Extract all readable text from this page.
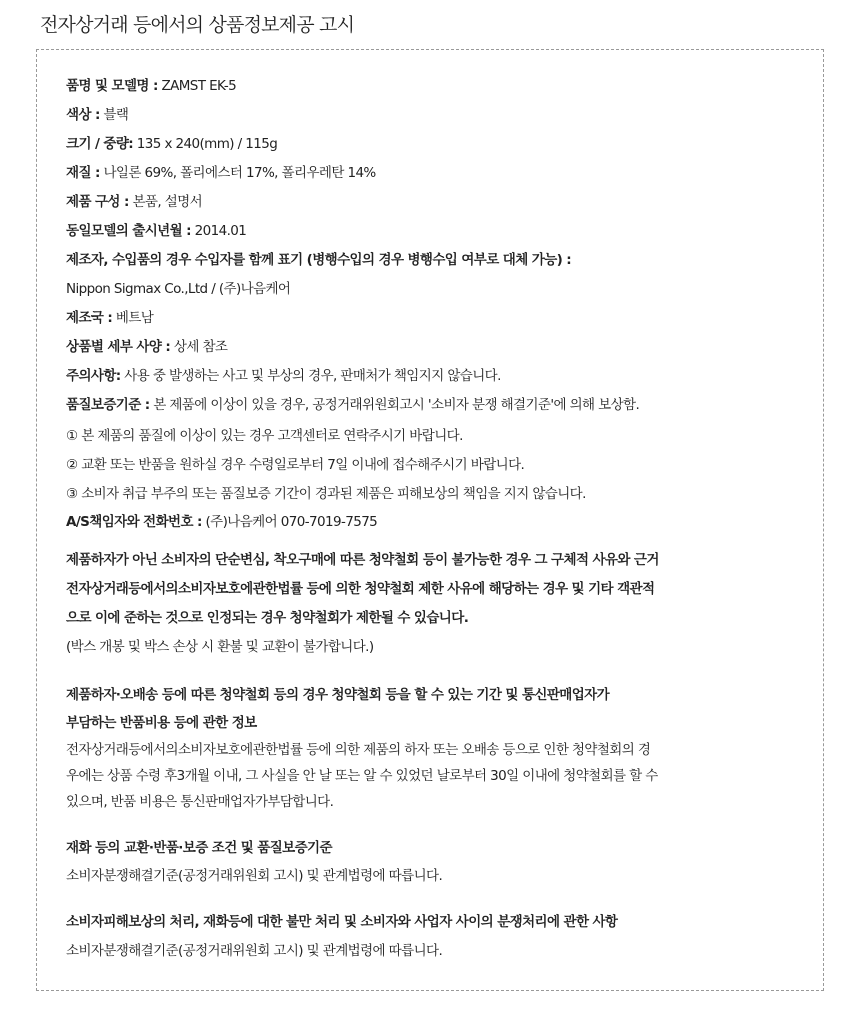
전자상거래 등에서의 상품정보제공 고시
품명 및 모델명 : ZAMST EK-5
색상 : 블랙
크기 / 중량: 135 x 240(mm) / 115g
재질 : 나일론 69%, 폴리에스터 17%, 폴리우레탄 14%
제품 구성 : 본품, 설명서
동일모델의 출시년월 : 2014.01
제조자, 수입품의 경우 수입자를 함께 표기 (병행수입의 경우 병행수입 여부로 대체 가능) :
Nippon Sigmax Co.,Ltd / (주)나음케어
제조국 : 베트남
상품별 세부 사양 : 상세 참조
주의사항: 사용 중 발생하는 사고 및 부상의 경우, 판매처가 책임지지 않습니다.
품질보증기준 : 본 제품에 이상이 있을 경우, 공정거래위원회고시 '소비자 분쟁 해결기준'에 의해 보상함.
① 본 제품의 품질에 이상이 있는 경우 고객센터로 연락주시기 바랍니다.
② 교환 또는 반품을 원하실 경우 수령일로부터 7일 이내에 접수해주시기 바랍니다.
③ 소비자 취급 부주의 또는 품질보증 기간이 경과된 제품은 피해보상의 책임을 지지 않습니다.
A/S책임자와 전화번호 : (주)나음케어 070-7019-7575
제품하자가 아닌 소비자의 단순변심, 착오구매에 따른 청약철회 등이 불가능한 경우 그 구체적 사유와 근거
전자상거래등에서의소비자보호에관한법률 등에 의한 청약철회 제한 사유에 해당하는 경우 및 기타 객관적
으로 이에 준하는 것으로 인정되는 경우 청약철회가 제한될 수 있습니다.
(박스 개봉 및 박스 손상 시 환불 및 교환이 불가합니다.)
제품하자·오배송 등에 따른 청약철회 등의 경우 청약철회 등을 할 수 있는 기간 및 통신판매업자가
부담하는 반품비용 등에 관한 정보
전자상거래등에서의소비자보호에관한법률 등에 의한 제품의 하자 또는 오배송 등으로 인한 청약철회의 경
우에는 상품 수령 후3개월 이내, 그 사실을 안 날 또는 알 수 있었던 날로부터 30일 이내에 청약철회를 할 수
있으며, 반품 비용은 통신판매업자가부담합니다.
재화 등의 교환·반품·보증 조건 및 품질보증기준
소비자분쟁해결기준(공정거래위원회 고시) 및 관계법령에 따릅니다.
소비자피해보상의 처리, 재화등에 대한 불만 처리 및 소비자와 사업자 사이의 분쟁처리에 관한 사항
소비자분쟁해결기준(공정거래위원회 고시) 및 관계법령에 따릅니다.
